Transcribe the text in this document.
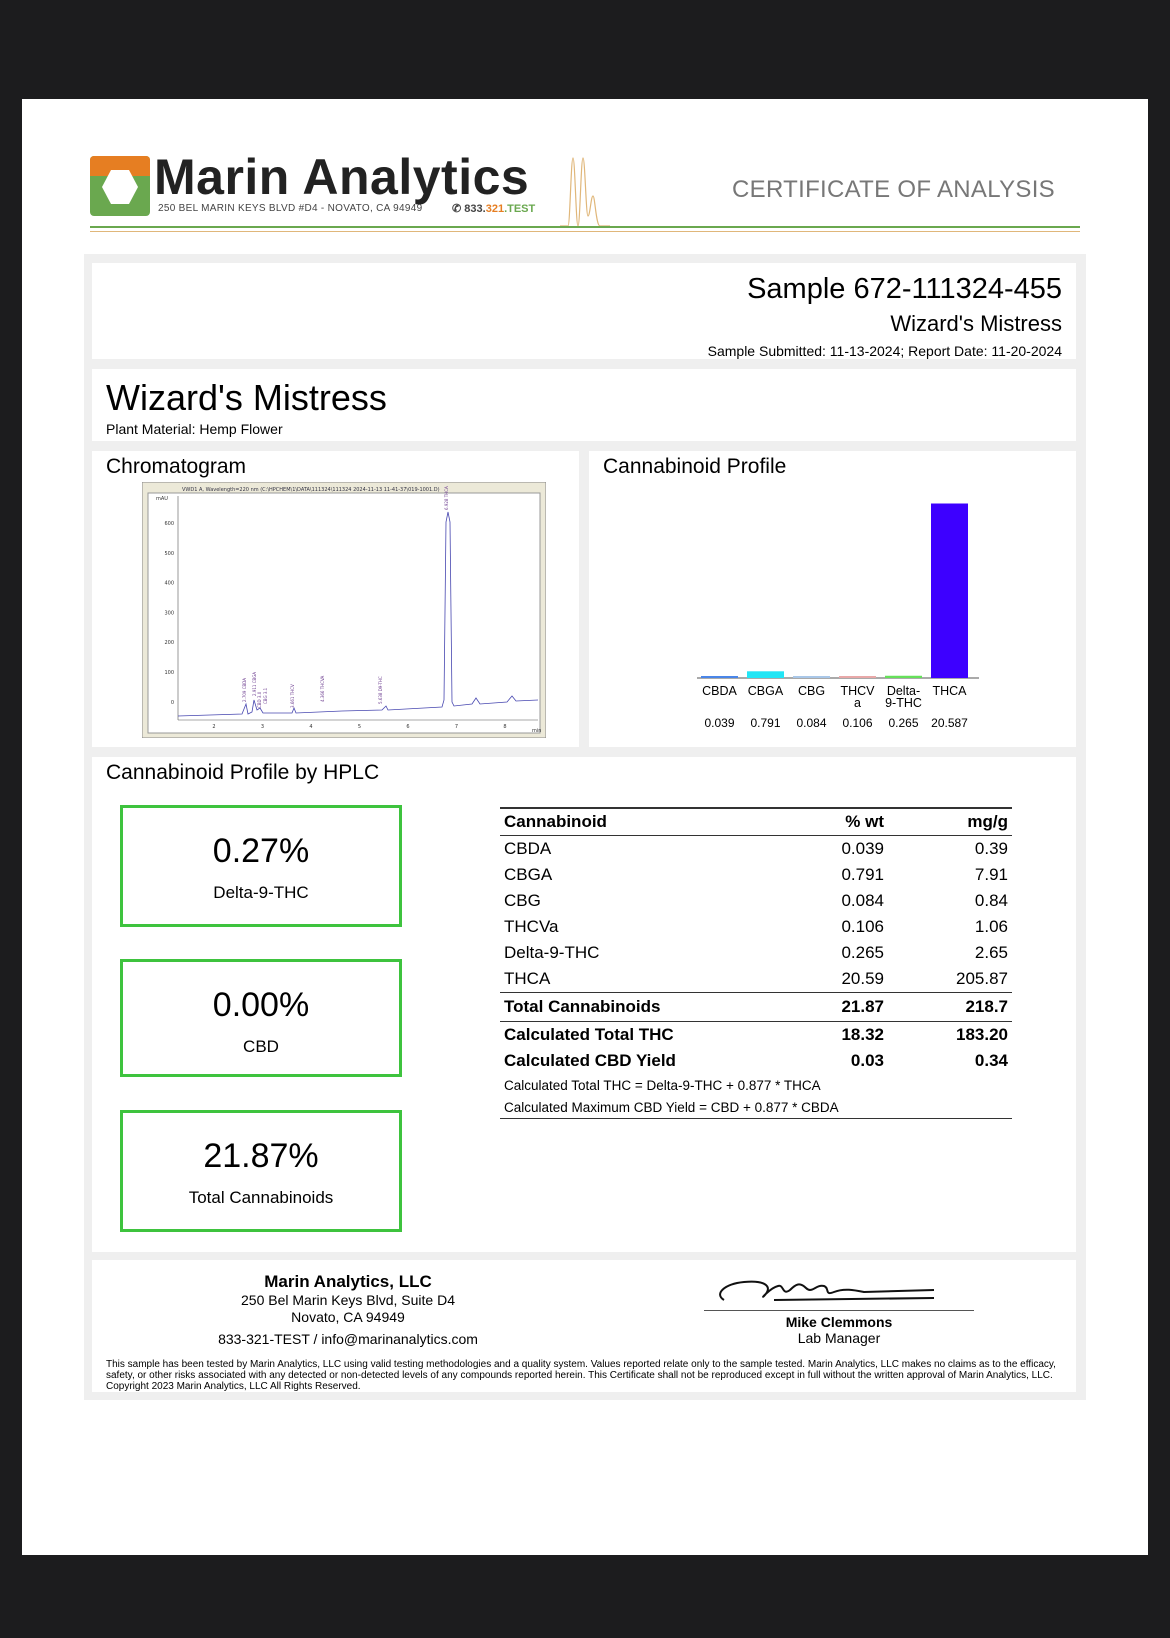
Marin Analytics
250 BEL MARIN KEYS BLVD #D4 - NOVATO, CA 94949	✆ 833.321.TEST
CERTIFICATE OF ANALYSIS
Sample 672-111324-455
Wizard's Mistress
Sample Submitted: 11-13-2024; Report Date: 11-20-2024
Wizard's Mistress
Plant Material: Hemp Flower
Chromatogram
VWD1 A, Wavelength=220 nm (C:\HPCHEM\1\DATA\111324\111324 2024-11-13 11-41-37\019-1001.D)
mAU
min
600
500
400
300
200
100
0
2	3	4	5	6	7	8
2.709 CBDA 2.911 CBGA
CBD 3.0 CBG 3.1	3.661 THCV	4.366 THCVA	5.638 D9-THC
6.928 THCA
Cannabinoid Profile
CBDA
0.039
CBGA
0.791
CBG
0.084
THCV
a
0.106
Delta-
9-THC
0.265
THCA
20.587
Cannabinoid Profile by HPLC
0.27%
Delta-9-THC
0.00%
CBD
21.87%
Total Cannabinoids
Cannabinoid	% wt	mg/g
CBDA	0.039	0.39
CBGA	0.791	7.91
CBG	0.084	0.84
THCVa	0.106	1.06
Delta-9-THC	0.265	2.65
THCA	20.59	205.87
Total Cannabinoids	21.87	218.7
Calculated Total THC	18.32	183.20
Calculated CBD Yield	0.03	0.34
Calculated Total THC = Delta-9-THC + 0.877 * THCA		
Calculated Maximum CBD Yield = CBD + 0.877 * CBDA		
Marin Analytics, LLC
250 Bel Marin Keys Blvd, Suite D4
Novato, CA 94949
833-321-TEST / info@marinanalytics.com
Mike Clemmons
Lab Manager
This sample has been tested by Marin Analytics, LLC using valid testing methodologies and a quality system. Values reported relate only to the sample tested. Marin Analytics, LLC makes no claims as to the efficacy, safety, or other risks associated with any detected or non-detected levels of any compounds reported herein. This Certificate shall not be reproduced except in full without the written approval of Marin Analytics, LLC. Copyright 2023 Marin Analytics, LLC All Rights Reserved.
